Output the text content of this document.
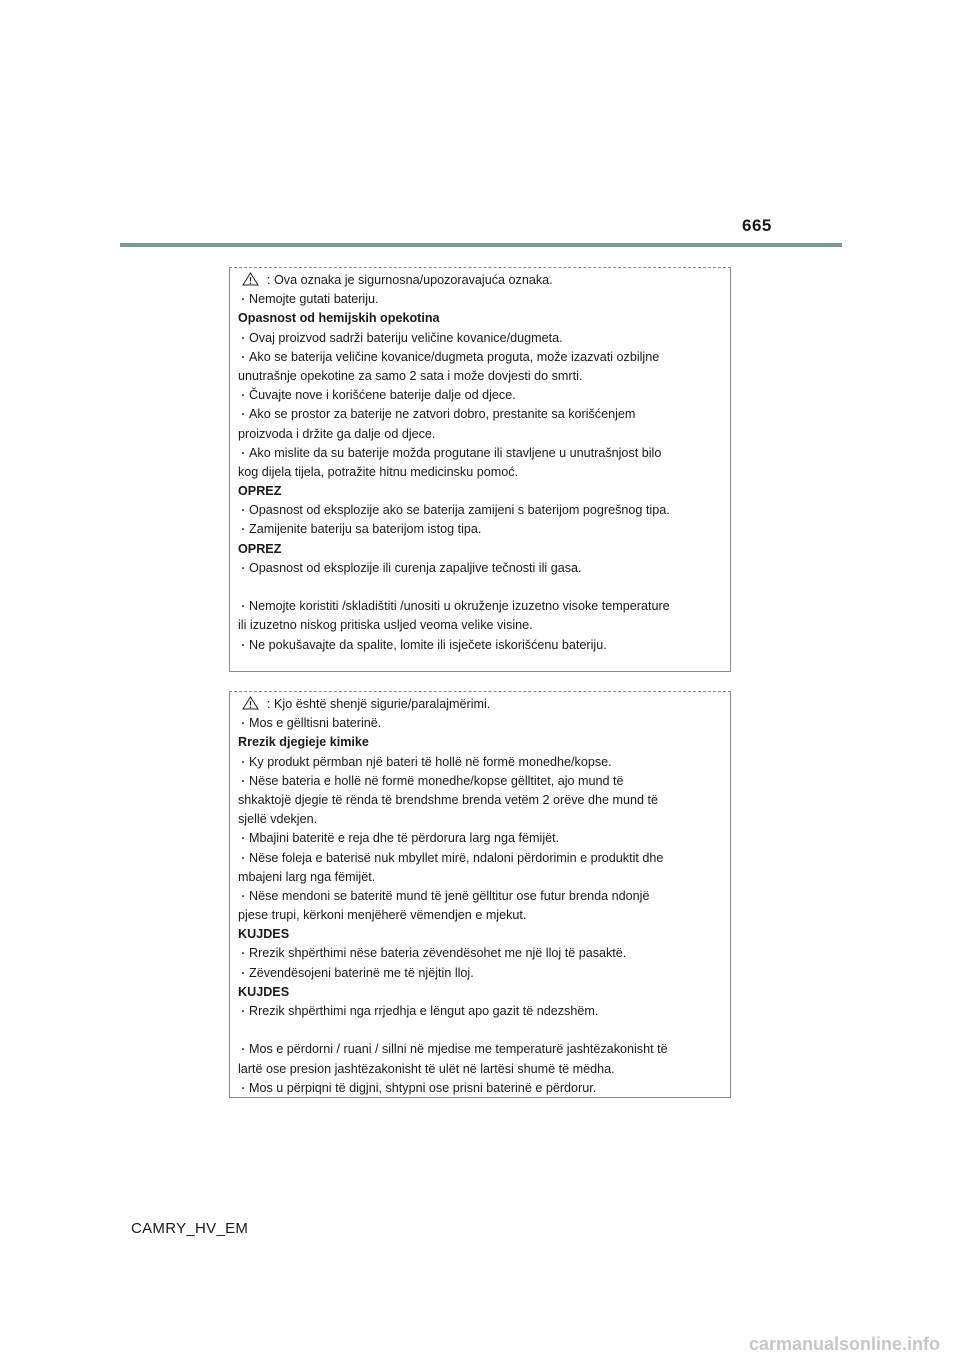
665
: Ova oznaka je sigurnosna/upozoravajuća oznaka.
・ Nemojte gutati bateriju.
Opasnost od hemijskih opekotina
・ Ovaj proizvod sadrži bateriju veličine kovanice/dugmeta.
・ Ako se baterija veličine kovanice/dugmeta proguta, može izazvati ozbiljne
unutrašnje opekotine za samo 2 sata i može dovjesti do smrti.
・ Čuvajte nove i korišćene baterije dalje od djece.
・ Ako se prostor za baterije ne zatvori dobro, prestanite sa korišćenjem
proizvoda i držite ga dalje od djece.
・ Ako mislite da su baterije možda progutane ili stavljene u unutrašnjost bilo
kog dijela tijela, potražite hitnu medicinsku pomoć.
OPREZ
・ Opasnost od eksplozije ako se baterija zamijeni s baterijom pogrešnog tipa.
・ Zamijenite bateriju sa baterijom istog tipa.
OPREZ
・ Opasnost od eksplozije ili curenja zapaljive tečnosti ili gasa.
・ Nemojte koristiti /skladištiti /unositi u okruženje izuzetno visoke temperature
ili izuzetno niskog pritiska usljed veoma velike visine.
・ Ne pokušavajte da spalite, lomite ili isječete iskorišćenu bateriju.
: Kjo është shenjë sigurie/paralajmërimi.
・ Mos e gëlltisni baterinë.
Rrezik djegieje kimike
・ Ky produkt përmban një bateri të hollë në formë monedhe/kopse.
・ Nëse bateria e hollë në formë monedhe/kopse gëlltitet, ajo mund të
shkaktojë djegie të rënda të brendshme brenda vetëm 2 orëve dhe mund të
sjellë vdekjen.
・ Mbajini bateritë e reja dhe të përdorura larg nga fëmijët.
・ Nëse foleja e baterisë nuk mbyllet mirë, ndaloni përdorimin e produktit dhe
mbajeni larg nga fëmijët.
・ Nëse mendoni se bateritë mund të jenë gëlltitur ose futur brenda ndonjë
pjese trupi, kërkoni menjëherë vëmendjen e mjekut.
KUJDES
・ Rrezik shpërthimi nëse bateria zëvendësohet me një lloj të pasaktë.
・ Zëvendësojeni baterinë me të njëjtin lloj.
KUJDES
・ Rrezik shpërthimi nga rrjedhja e lëngut apo gazit të ndezshëm.
・ Mos e përdorni / ruani / sillni në mjedise me temperaturë jashtëzakonisht të
lartë ose presion jashtëzakonisht të ulët në lartësi shumë të mëdha.
・ Mos u përpiqni të digjni, shtypni ose prisni baterinë e përdorur.
CAMRY_HV_EM
carmanualsonline.info
